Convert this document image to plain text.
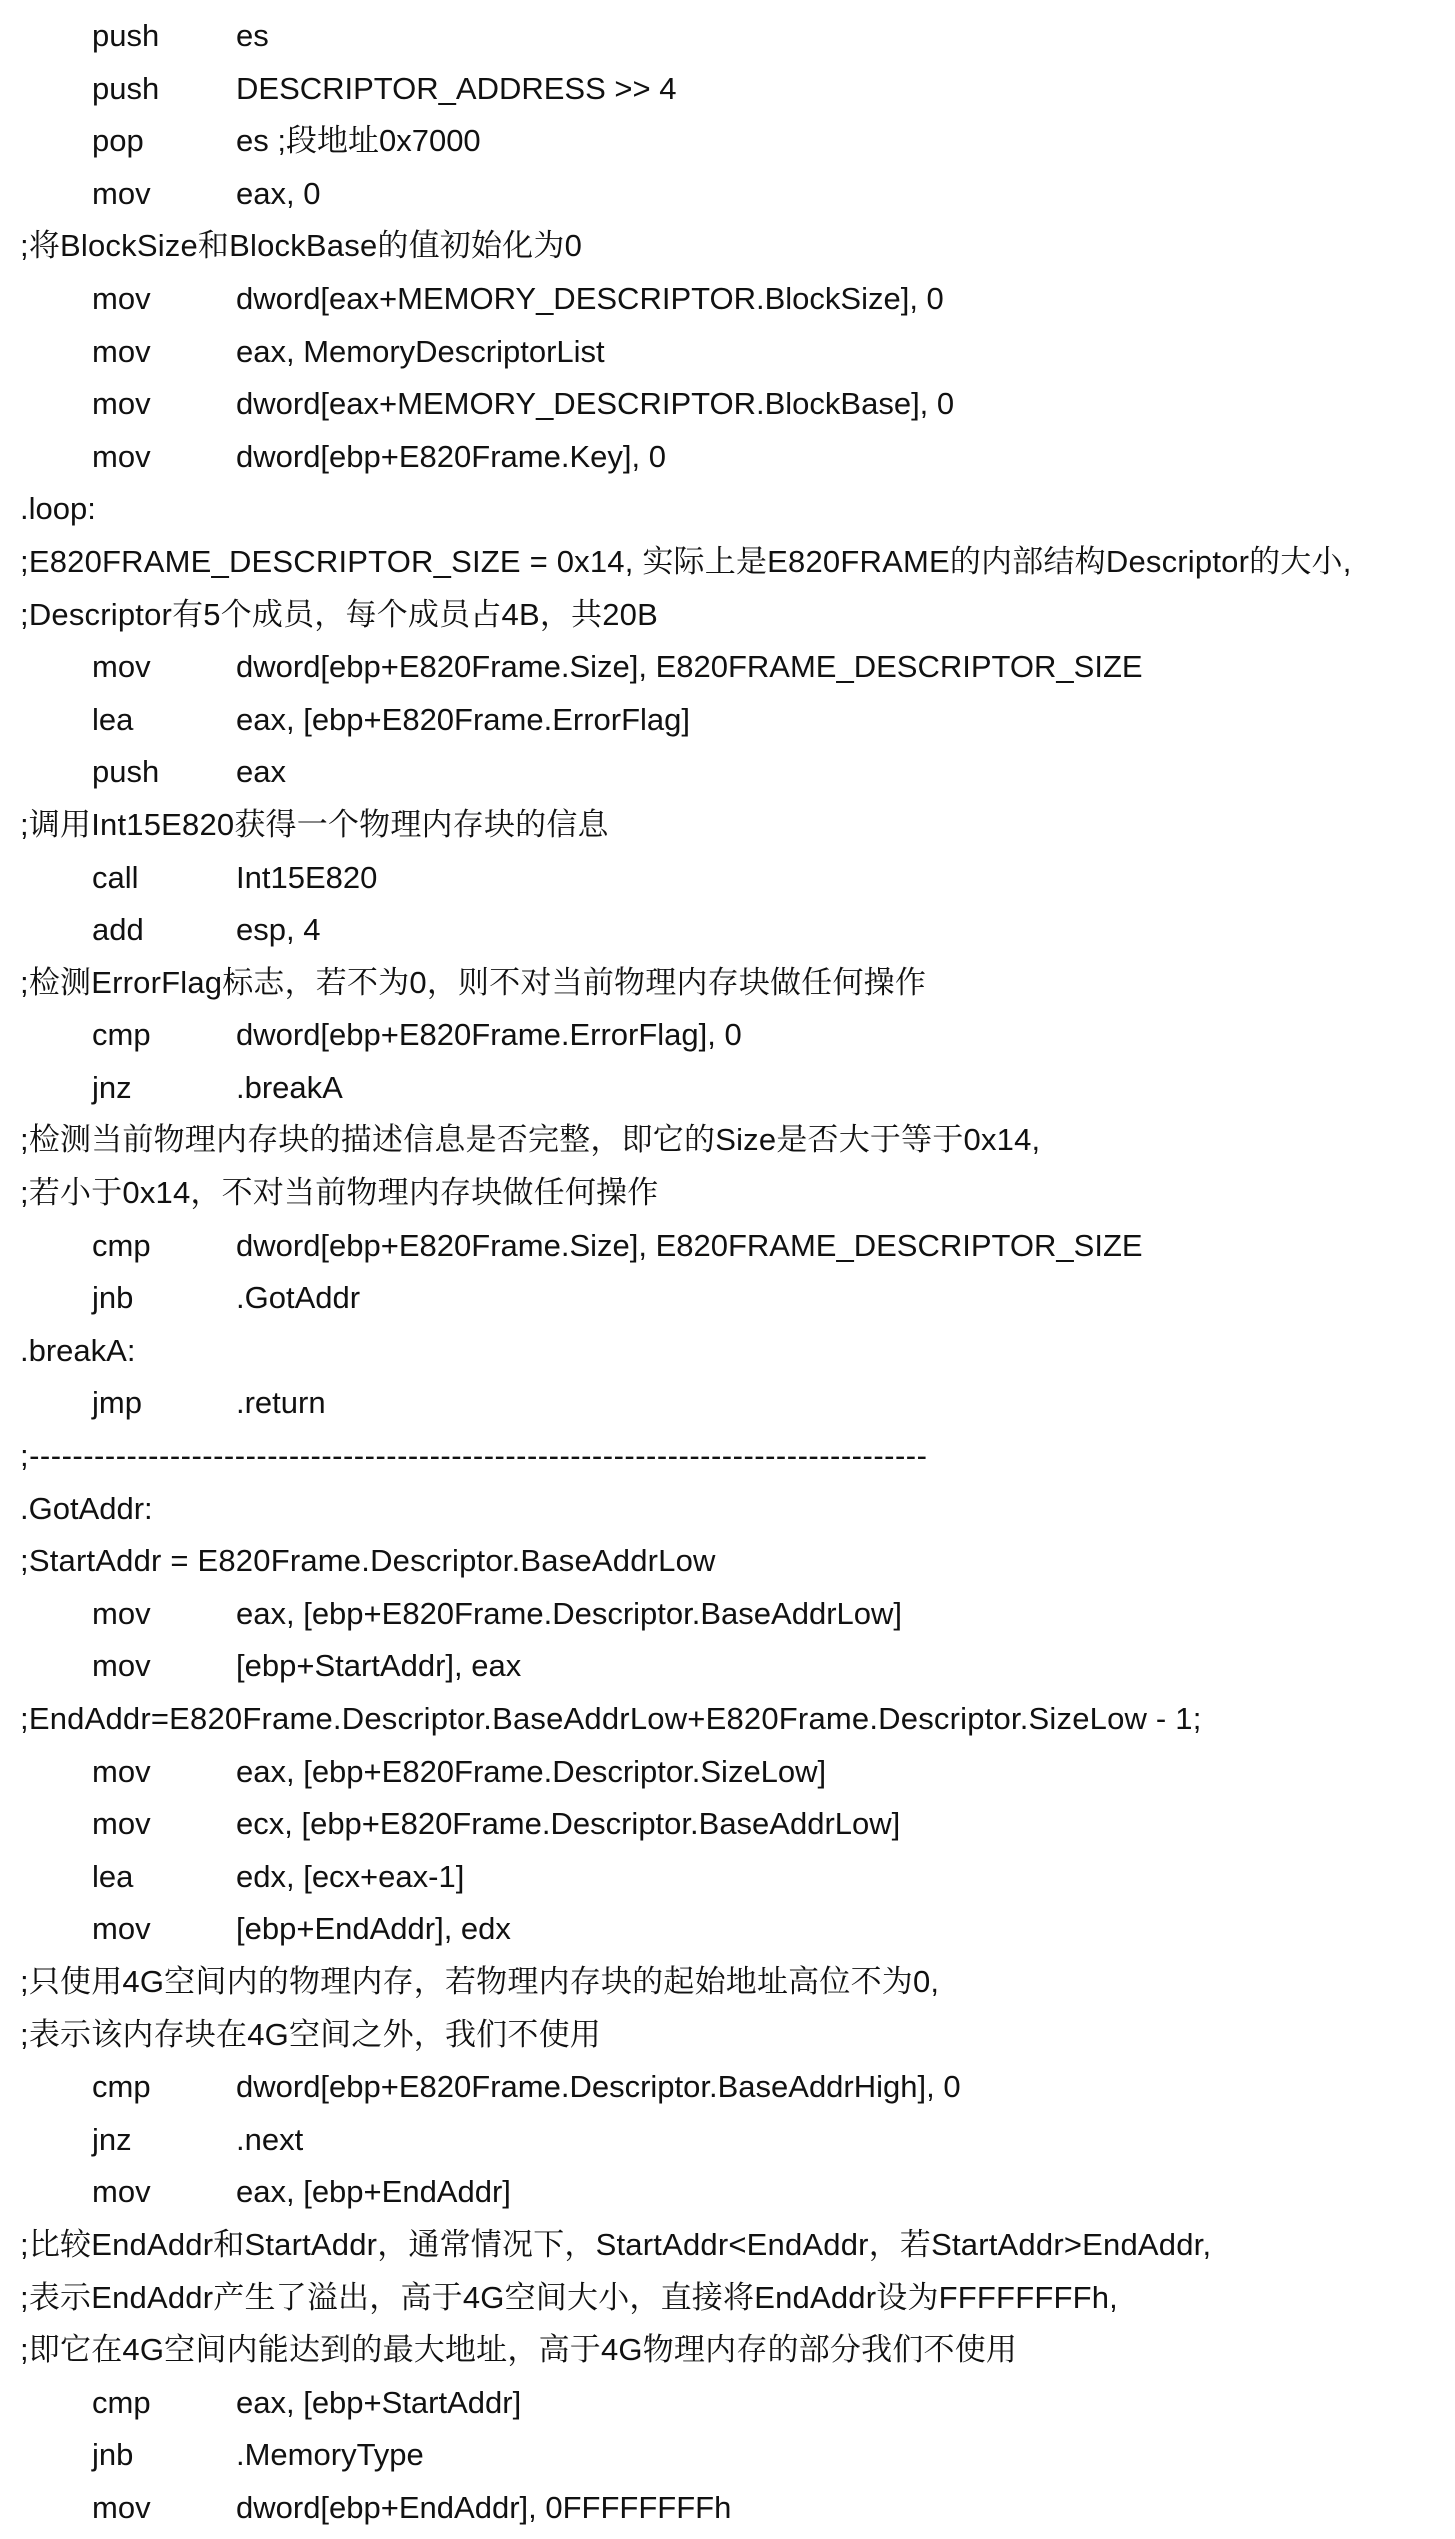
push es
push DESCRIPTOR_ADDRESS >> 4
pop	es ;段地址0x7000
mov	eax, 0
;将BlockSize和BlockBase的值初始化为0
mov	dword[eax+MEMORY_DESCRIPTOR.BlockSize], 0
mov	eax, MemoryDescriptorList
mov	dword[eax+MEMORY_DESCRIPTOR.BlockBase], 0
mov	dword[ebp+E820Frame.Key], 0
.loop:
;E820FRAME_DESCRIPTOR_SIZE = 0x14, 实际上是E820FRAME的内部结构Descriptor的大小,
;Descriptor有5个成员，每个成员占4B，共20B
mov	dword[ebp+E820Frame.Size], E820FRAME_DESCRIPTOR_SIZE
lea	eax, [ebp+E820Frame.ErrorFlag]
push eax
;调用Int15E820获得一个物理内存块的信息
call	Int15E820
add	esp, 4
;检测ErrorFlag标志，若不为0，则不对当前物理内存块做任何操作
cmp	dword[ebp+E820Frame.ErrorFlag], 0
jnz	.breakA
;检测当前物理内存块的描述信息是否完整，即它的Size是否大于等于0x14,
;若小于0x14，不对当前物理内存块做任何操作
cmp	dword[ebp+E820Frame.Size], E820FRAME_DESCRIPTOR_SIZE
jnb	.GotAddr
.breakA:
jmp	.return
;-----------------------------------------------------------------------------------
.GotAddr:
;StartAddr = E820Frame.Descriptor.BaseAddrLow
mov	eax, [ebp+E820Frame.Descriptor.BaseAddrLow]
mov	[ebp+StartAddr], eax
;EndAddr=E820Frame.Descriptor.BaseAddrLow+E820Frame.Descriptor.SizeLow - 1;
mov	eax, [ebp+E820Frame.Descriptor.SizeLow]
mov	ecx, [ebp+E820Frame.Descriptor.BaseAddrLow]
lea	edx, [ecx+eax-1]
mov	[ebp+EndAddr], edx
;只使用4G空间内的物理内存，若物理内存块的起始地址高位不为0,
;表示该内存块在4G空间之外，我们不使用
cmp	dword[ebp+E820Frame.Descriptor.BaseAddrHigh], 0
jnz	.next
mov	eax, [ebp+EndAddr]
;比较EndAddr和StartAddr，通常情况下，StartAddr<EndAddr，若StartAddr>EndAddr,
;表示EndAddr产生了溢出，高于4G空间大小，直接将EndAddr设为FFFFFFFFh,
;即它在4G空间内能达到的最大地址，高于4G物理内存的部分我们不使用
cmp	eax, [ebp+StartAddr]
jnb	.MemoryType
mov	dword[ebp+EndAddr], 0FFFFFFFFh
